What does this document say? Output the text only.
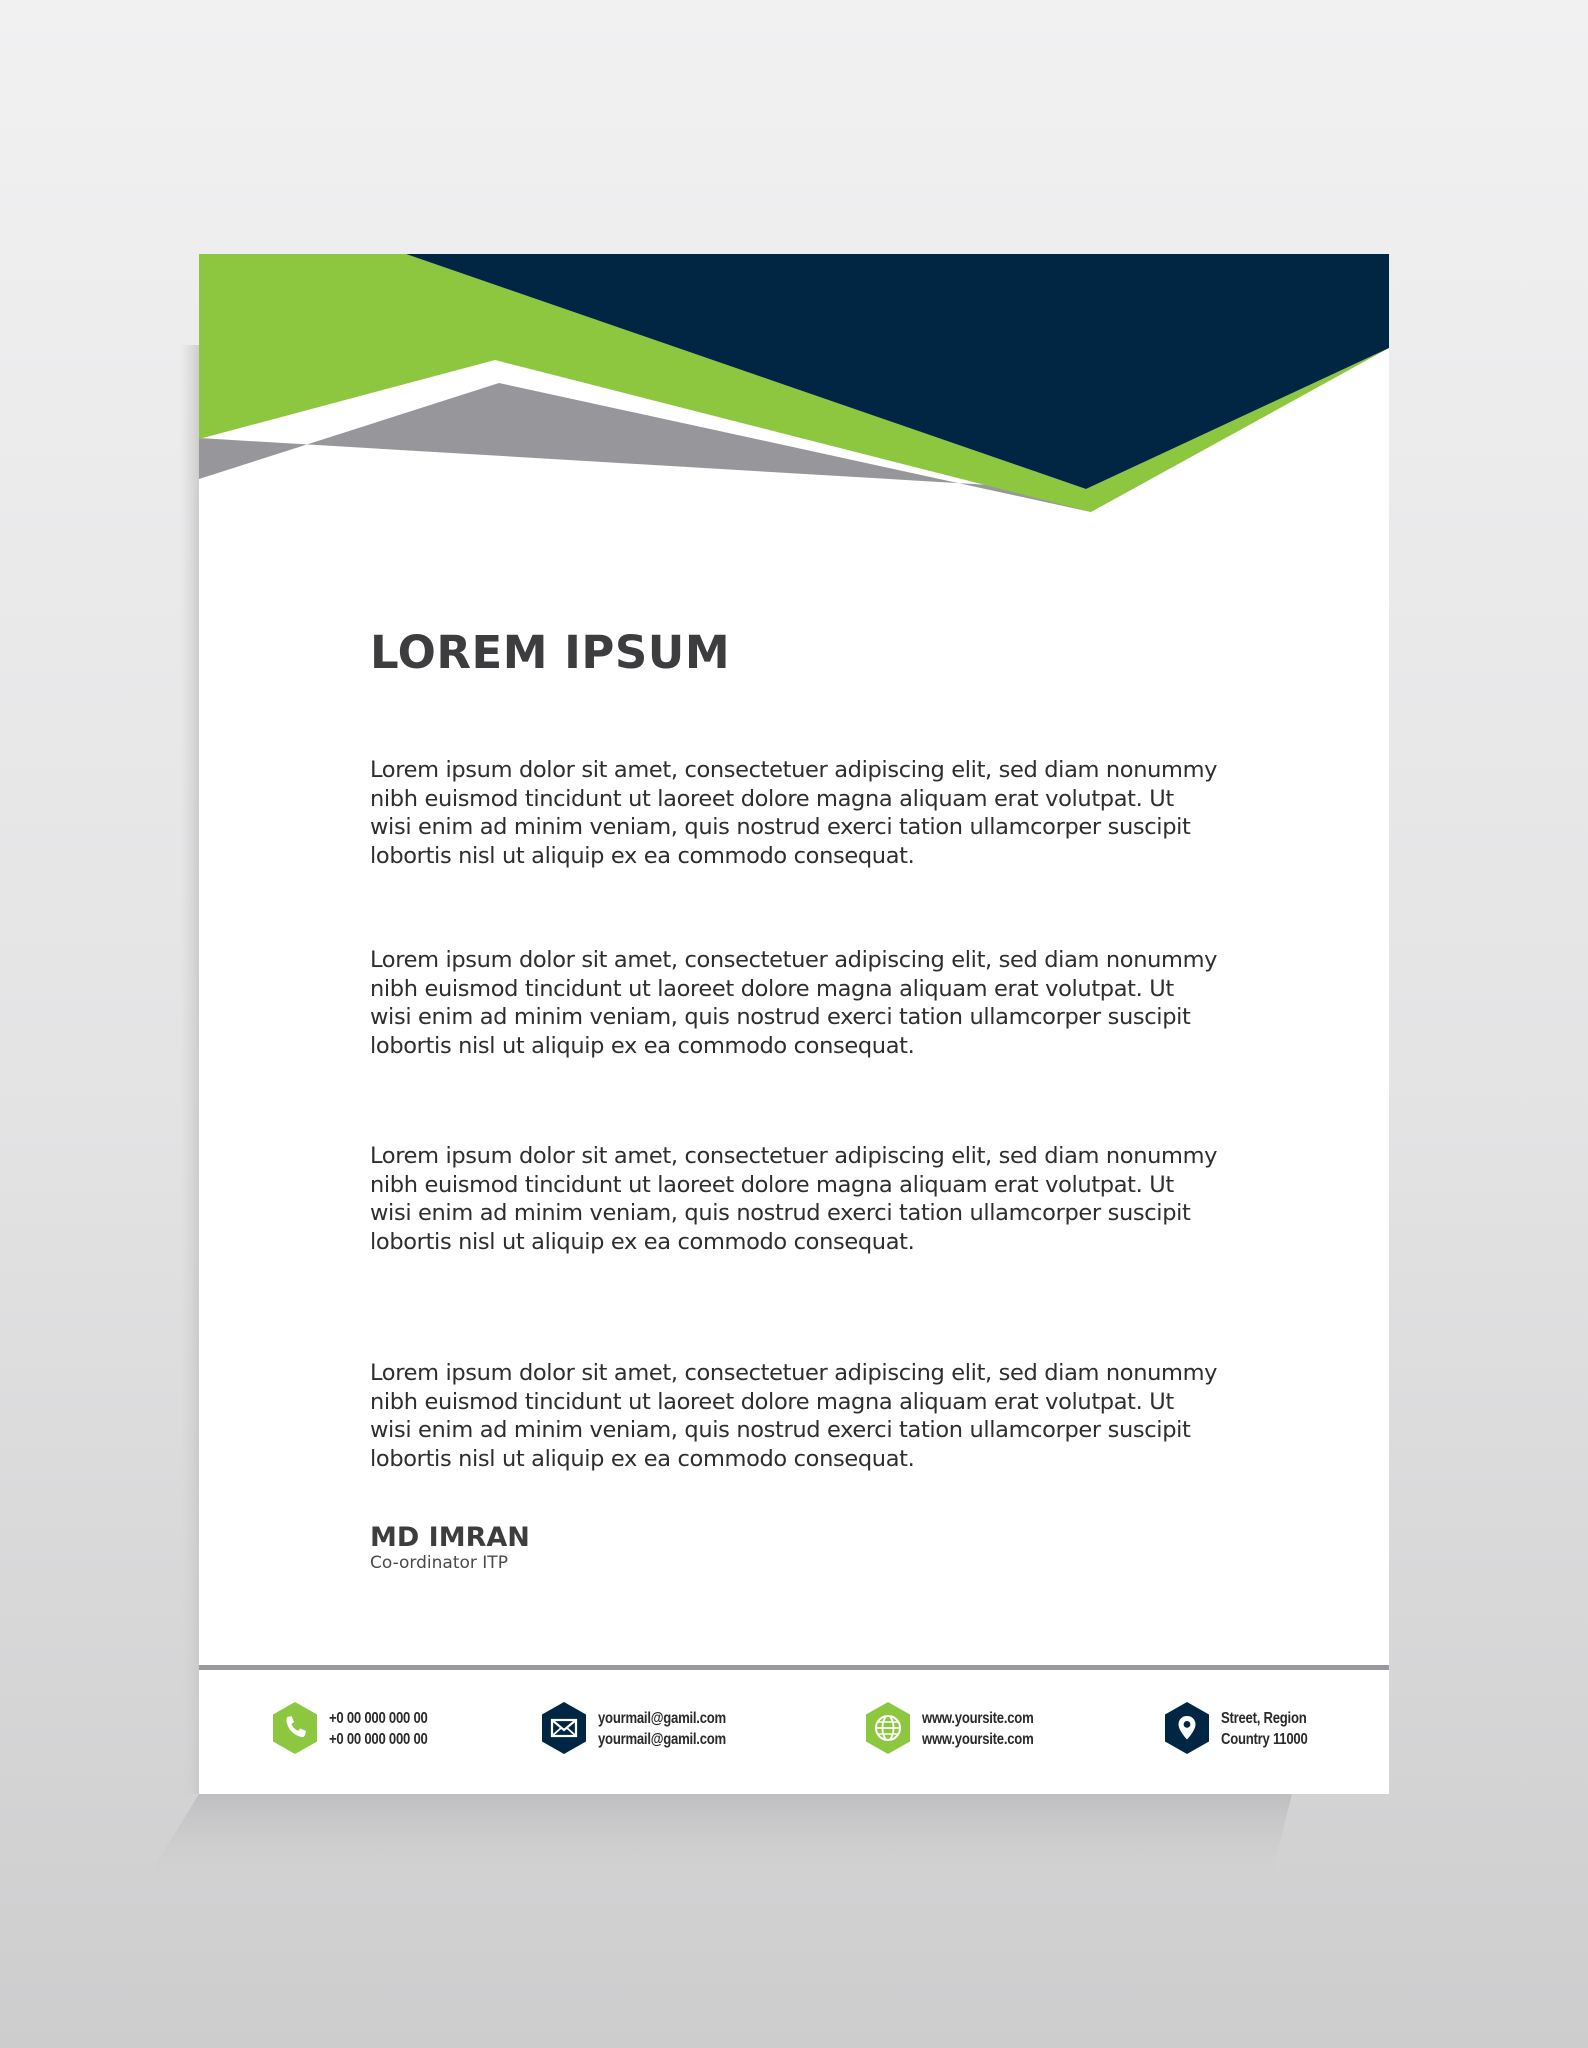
LOREM IPSUM
Lorem ipsum dolor sit amet, consectetuer adipiscing elit, sed diam nonummy
nibh euismod tincidunt ut laoreet dolore magna aliquam erat volutpat. Ut
wisi enim ad minim veniam, quis nostrud exerci tation ullamcorper suscipit
lobortis nisl ut aliquip ex ea commodo consequat.
Lorem ipsum dolor sit amet, consectetuer adipiscing elit, sed diam nonummy
nibh euismod tincidunt ut laoreet dolore magna aliquam erat volutpat. Ut
wisi enim ad minim veniam, quis nostrud exerci tation ullamcorper suscipit
lobortis nisl ut aliquip ex ea commodo consequat.
Lorem ipsum dolor sit amet, consectetuer adipiscing elit, sed diam nonummy
nibh euismod tincidunt ut laoreet dolore magna aliquam erat volutpat. Ut
wisi enim ad minim veniam, quis nostrud exerci tation ullamcorper suscipit
lobortis nisl ut aliquip ex ea commodo consequat.
Lorem ipsum dolor sit amet, consectetuer adipiscing elit, sed diam nonummy
nibh euismod tincidunt ut laoreet dolore magna aliquam erat volutpat. Ut
wisi enim ad minim veniam, quis nostrud exerci tation ullamcorper suscipit
lobortis nisl ut aliquip ex ea commodo consequat.

MD IMRAN

Co-ordinator ITP

+0 00 000 000 00
+0 00 000 000 00
yourmail@gamil.com
yourmail@gamil.com
www.yoursite.com
www.yoursite.com
Street, Region
Country 11000
